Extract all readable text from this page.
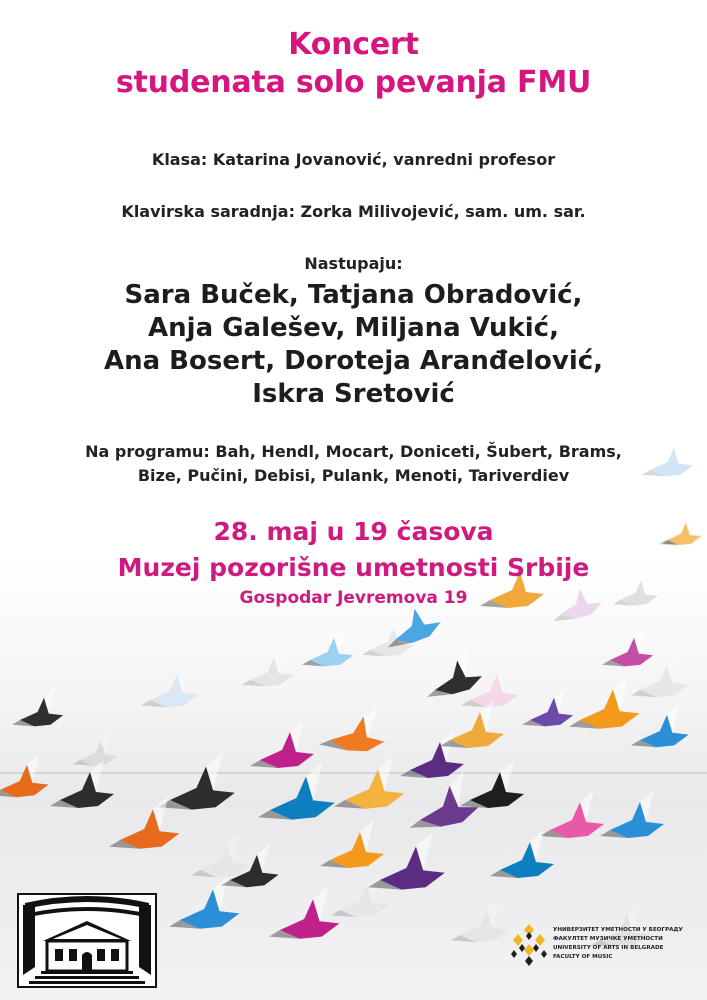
Koncert
studenata solo pevanja FMU
Klasa: Katarina Jovanović, vanredni profesor
Klavirska saradnja: Zorka Milivojević, sam. um. sar.
Nastupaju:
Sara Buček, Tatjana Obradović,
Anja Galešev, Miljana Vukić,
Ana Bosert, Doroteja Aranđelović,
Iskra Sretović
Na programu: Bah, Hendl, Mocart, Doniceti, Šubert, Brams,
Bize, Pučini, Debisi, Pulank, Menoti, Tariverdiev
28. maj u 19 časova
Muzej pozorišne umetnosti Srbije
Gospodar Jevremova 19
УНИВЕРЗИТЕТ УМЕТНОСТИ У БЕОГРАДУ
ФАКУЛТЕТ МУЗИЧКЕ УМЕТНОСТИ
UNIVERSITY OF ARTS IN BELGRADE
FACULTY OF MUSIC
